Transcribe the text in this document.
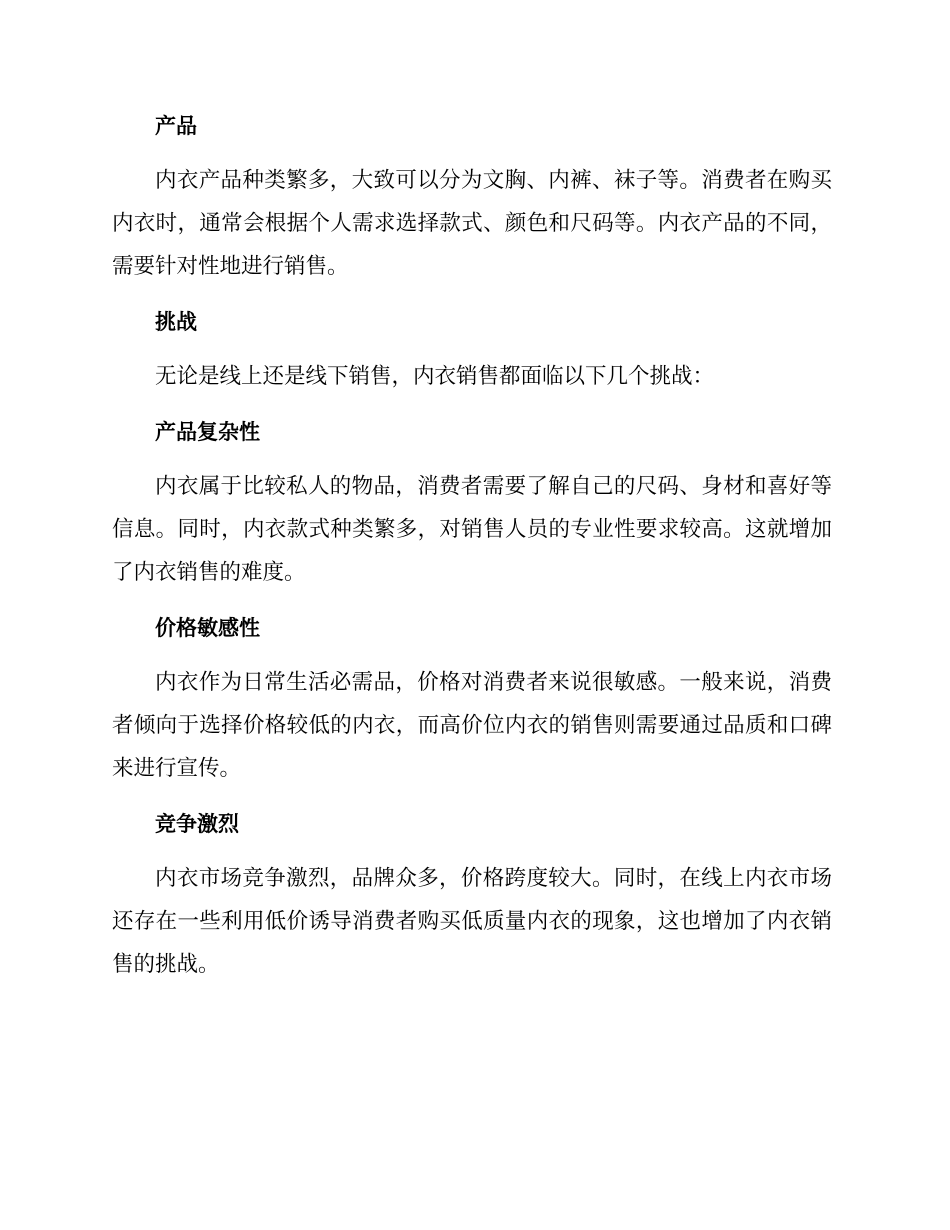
产品

内衣产品种类繁多，大致可以分为文胸、内裤、袜子等。消费者在购买内衣时，通常会根据个人需求选择款式、颜色和尺码等。内衣产品的不同，需要针对性地进行销售。

挑战

无论是线上还是线下销售，内衣销售都面临以下几个挑战：

产品复杂性

内衣属于比较私人的物品，消费者需要了解自己的尺码、身材和喜好等信息。同时，内衣款式种类繁多，对销售人员的专业性要求较高。这就增加了内衣销售的难度。

价格敏感性

内衣作为日常生活必需品，价格对消费者来说很敏感。一般来说，消费者倾向于选择价格较低的内衣，而高价位内衣的销售则需要通过品质和口碑来进行宣传。

竞争激烈

内衣市场竞争激烈，品牌众多，价格跨度较大。同时，在线上内衣市场还存在一些利用低价诱导消费者购买低质量内衣的现象，这也增加了内衣销售的挑战。
